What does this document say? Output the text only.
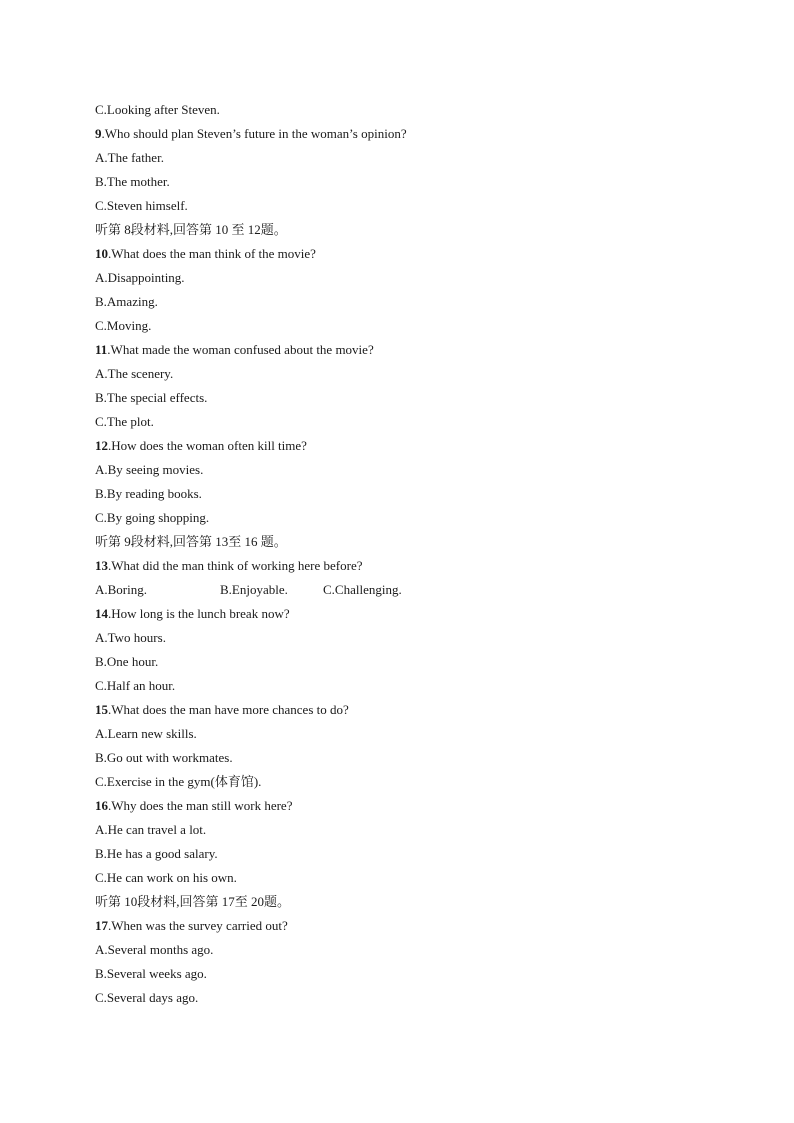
C.Looking after Steven.
9.Who should plan Steven’s future in the woman’s opinion?
A.The father.
B.The mother.
C.Steven himself.
听第 8段材料,回答第 10 至 12题。
10.What does the man think of the movie?
A.Disappointing.
B.Amazing.
C.Moving.
11.What made the woman confused about the movie?
A.The scenery.
B.The special effects.
C.The plot.
12.How does the woman often kill time?
A.By seeing movies.
B.By reading books.
C.By going shopping.
听第 9段材料,回答第 13至 16 题。
13.What did the man think of working here before?
A.Boring.	B.Enjoyable.	C.Challenging.
14.How long is the lunch break now?
A.Two hours.
B.One hour.
C.Half an hour.
15.What does the man have more chances to do?
A.Learn new skills.
B.Go out with workmates.
C.Exercise in the gym(体育馆).
16.Why does the man still work here?
A.He can travel a lot.
B.He has a good salary.
C.He can work on his own.
听第 10段材料,回答第 17至 20题。
17.When was the survey carried out?
A.Several months ago.
B.Several weeks ago.
C.Several days ago.
